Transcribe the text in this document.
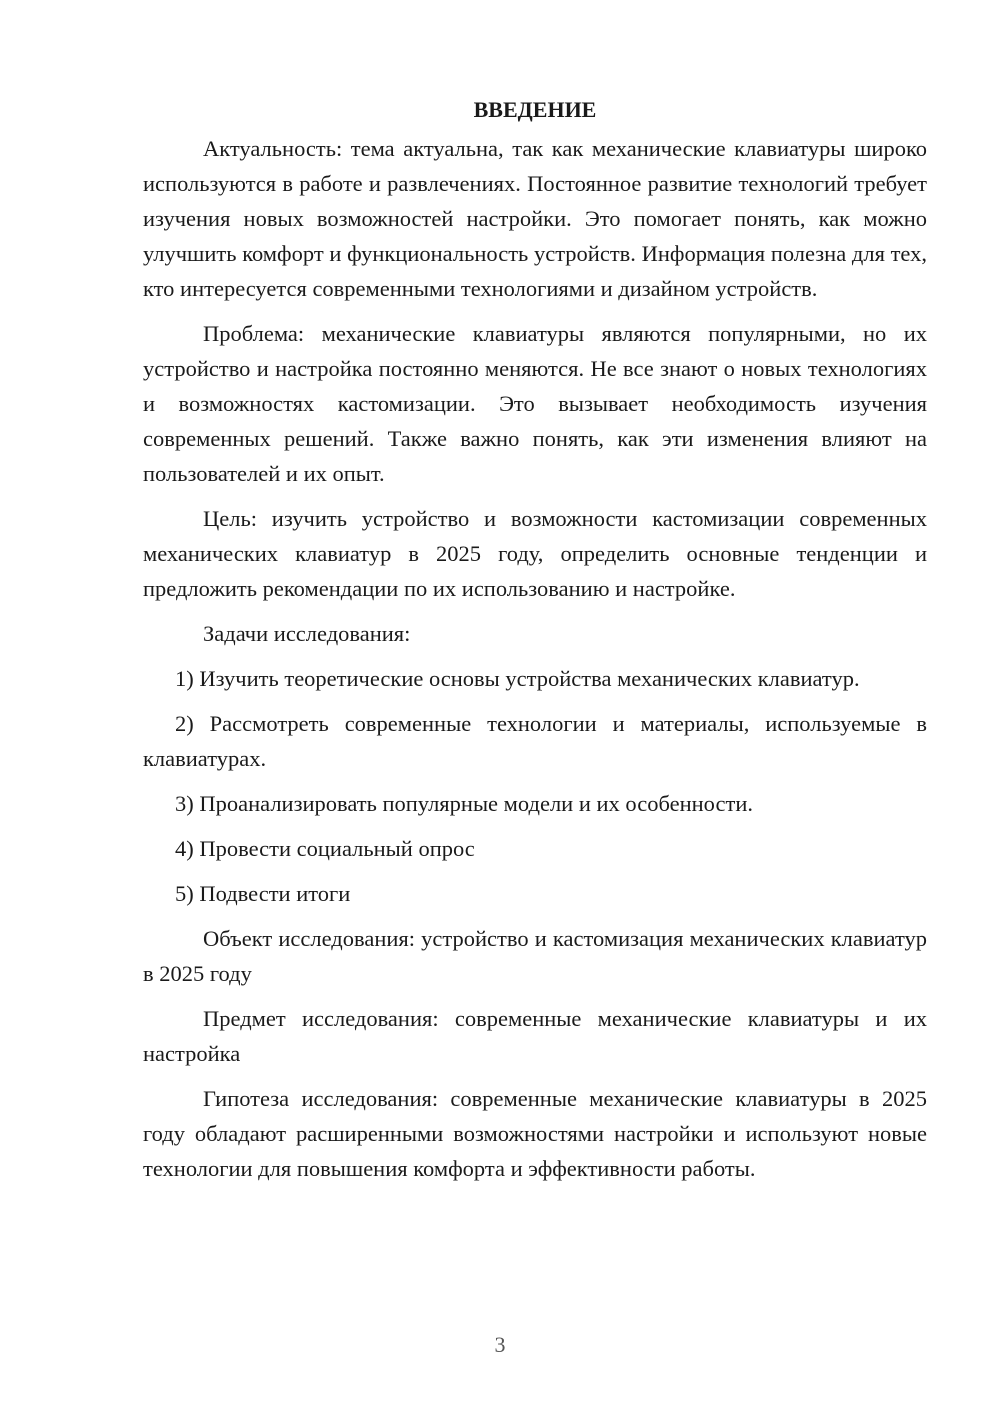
ВВЕДЕНИЕ

Актуальность: тема актуальна, так как механические клавиатуры широко используются в работе и развлечениях. Постоянное развитие технологий требует изучения новых возможностей настройки. Это помогает понять, как можно улучшить комфорт и функциональность устройств. Информация полезна для тех, кто интересуется современными технологиями и дизайном устройств.

Проблема: механические клавиатуры являются популярными, но их устройство и настройка постоянно меняются. Не все знают о новых технологиях и возможностях кастомизации. Это вызывает необходимость изучения современных решений. Также важно понять, как эти изменения влияют на пользователей и их опыт.

Цель: изучить устройство и возможности кастомизации современных механических клавиатур в 2025 году, определить основные тенденции и предложить рекомендации по их использованию и настройке.

Задачи исследования:

1) Изучить теоретические основы устройства механических клавиатур.

2) Рассмотреть современные технологии и материалы, используемые в клавиатурах.

3) Проанализировать популярные модели и их особенности.

4) Провести социальный опрос

5) Подвести итоги

Объект исследования: устройство и кастомизация механических клавиатур в 2025 году

Предмет исследования: современные механические клавиатуры и их настройка

Гипотеза исследования: современные механические клавиатуры в 2025 году обладают расширенными возможностями настройки и используют новые технологии для повышения комфорта и эффективности работы.

3
